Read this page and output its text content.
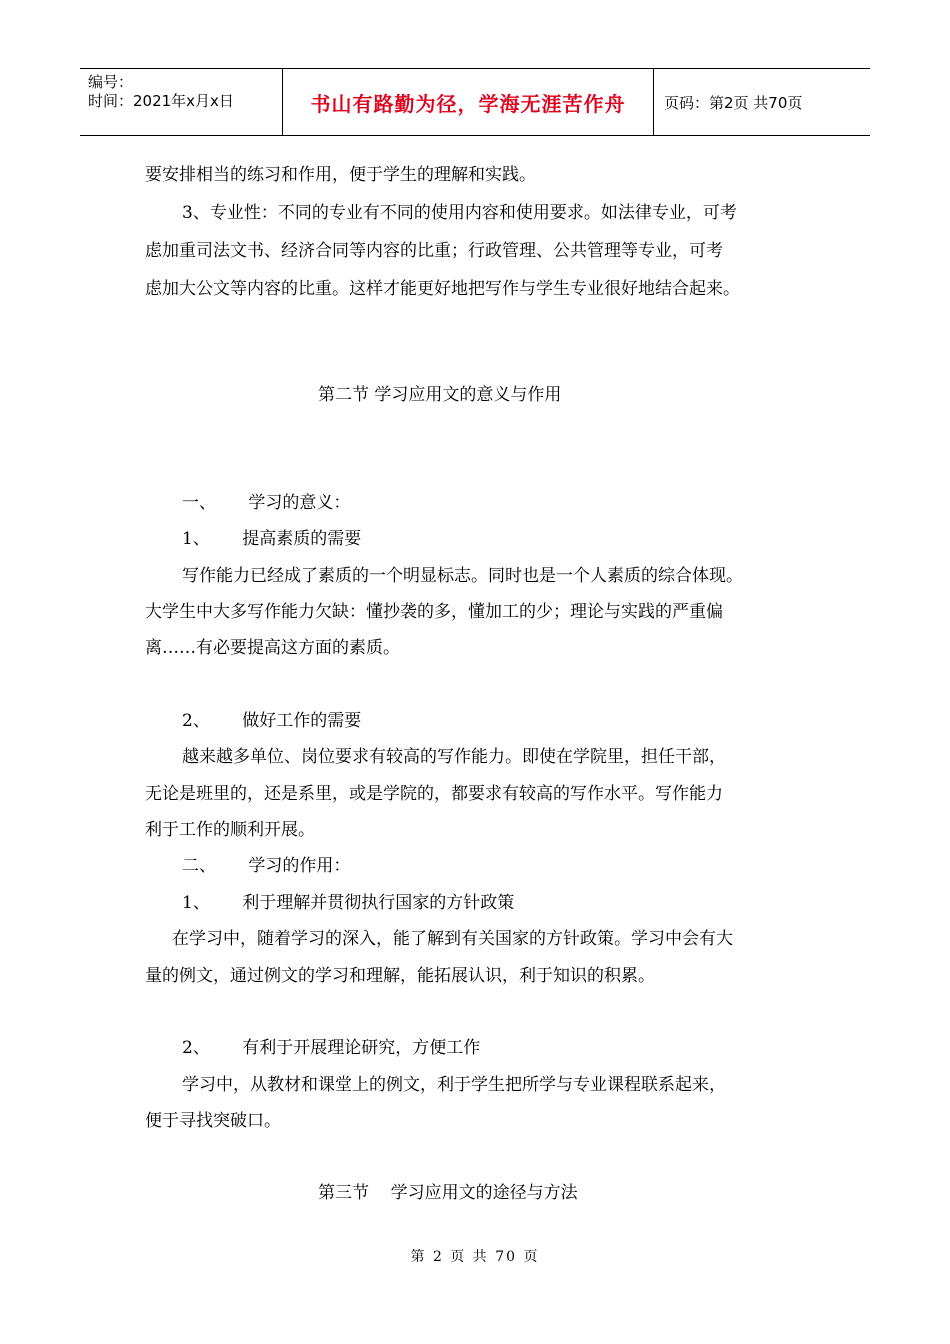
编号：
时间：2021年x月x日	书山有路勤为径，学海无涯苦作舟	页码：第2页 共70页
要安排相当的练习和作用，便于学生的理解和实践。
3、专业性：不同的专业有不同的使用内容和使用要求。如法律专业，可考
虑加重司法文书、经济合同等内容的比重；行政管理、公共管理等专业，可考
虑加大公文等内容的比重。这样才能更好地把写作与学生专业很好地结合起来。
第二节 学习应用文的意义与作用
一、      学习的意义：
1、      提高素质的需要
写作能力已经成了素质的一个明显标志。同时也是一个人素质的综合体现。
大学生中大多写作能力欠缺：懂抄袭的多，懂加工的少；理论与实践的严重偏
离……有必要提高这方面的素质。
2、      做好工作的需要
越来越多单位、岗位要求有较高的写作能力。即使在学院里，担任干部，
无论是班里的，还是系里，或是学院的，都要求有较高的写作水平。写作能力
利于工作的顺利开展。
二、      学习的作用：
1、      利于理解并贯彻执行国家的方针政策
在学习中，随着学习的深入，能了解到有关国家的方针政策。学习中会有大
量的例文，通过例文的学习和理解，能拓展认识，利于知识的积累。
2、      有利于开展理论研究，方便工作
学习中，从教材和课堂上的例文，利于学生把所学与专业课程联系起来，
便于寻找突破口。
第三节    学习应用文的途径与方法
第 2 页 共 70 页
